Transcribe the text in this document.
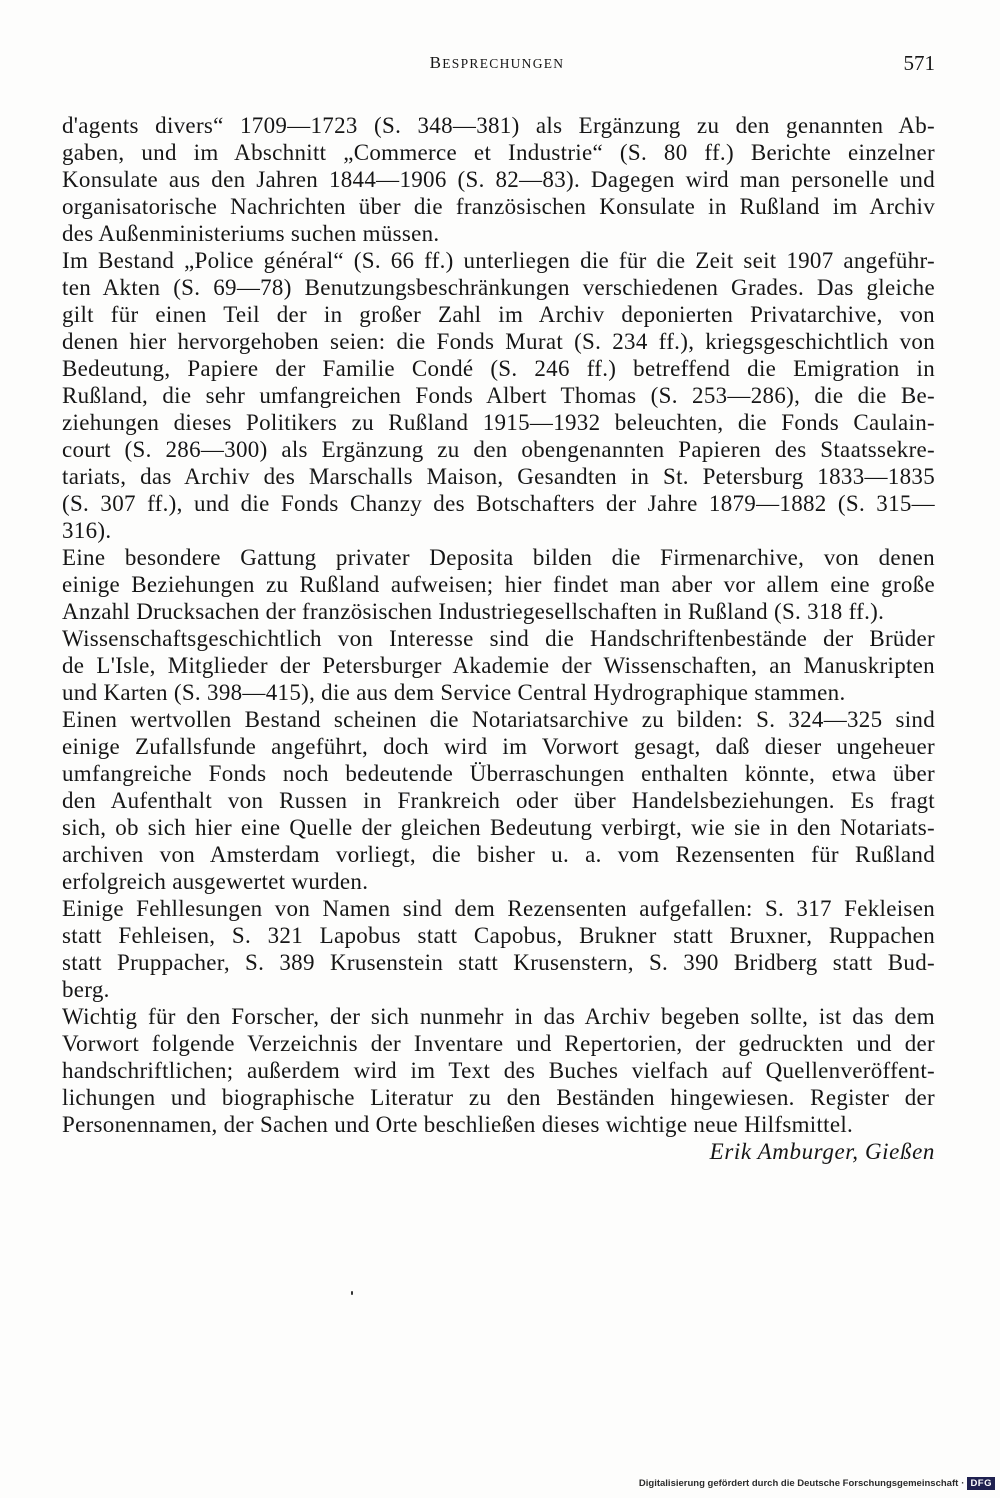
BESPRECHUNGEN	571
d'agents divers“ 1709—1723 (S. 348—381) als Ergänzung zu den genannten Ab-
gaben, und im Abschnitt „Commerce et Industrie“ (S. 80 ff.) Berichte einzelner
Konsulate aus den Jahren 1844—1906 (S. 82—83). Dagegen wird man personelle und
organisatorische Nachrichten über die französischen Konsulate in Rußland im Archiv
des Außenministeriums suchen müssen.
Im Bestand „Police général“ (S. 66 ff.) unterliegen die für die Zeit seit 1907 angeführ-
ten Akten (S. 69—78) Benutzungsbeschränkungen verschiedenen Grades. Das gleiche
gilt für einen Teil der in großer Zahl im Archiv deponierten Privatarchive, von
denen hier hervorgehoben seien: die Fonds Murat (S. 234 ff.), kriegsgeschichtlich von
Bedeutung, Papiere der Familie Condé (S. 246 ff.) betreffend die Emigration in
Rußland, die sehr umfangreichen Fonds Albert Thomas (S. 253—286), die die Be-
ziehungen dieses Politikers zu Rußland 1915—1932 beleuchten, die Fonds Caulain-
court (S. 286—300) als Ergänzung zu den obengenannten Papieren des Staatssekre-
tariats, das Archiv des Marschalls Maison, Gesandten in St. Petersburg 1833—1835
(S. 307 ff.), und die Fonds Chanzy des Botschafters der Jahre 1879—1882 (S. 315—
316).
Eine besondere Gattung privater Deposita bilden die Firmenarchive, von denen
einige Beziehungen zu Rußland aufweisen; hier findet man aber vor allem eine große
Anzahl Drucksachen der französischen Industriegesellschaften in Rußland (S. 318 ff.).
Wissenschaftsgeschichtlich von Interesse sind die Handschriftenbestände der Brüder
de L'Isle, Mitglieder der Petersburger Akademie der Wissenschaften, an Manuskripten
und Karten (S. 398—415), die aus dem Service Central Hydrographique stammen.
Einen wertvollen Bestand scheinen die Notariatsarchive zu bilden: S. 324—325 sind
einige Zufallsfunde angeführt, doch wird im Vorwort gesagt, daß dieser ungeheuer
umfangreiche Fonds noch bedeutende Überraschungen enthalten könnte, etwa über
den Aufenthalt von Russen in Frankreich oder über Handelsbeziehungen. Es fragt
sich, ob sich hier eine Quelle der gleichen Bedeutung verbirgt, wie sie in den Notariats-
archiven von Amsterdam vorliegt, die bisher u. a. vom Rezensenten für Rußland
erfolgreich ausgewertet wurden.
Einige Fehllesungen von Namen sind dem Rezensenten aufgefallen: S. 317 Fekleisen
statt Fehleisen, S. 321 Lapobus statt Capobus, Brukner statt Bruxner, Ruppachen
statt Pruppacher, S. 389 Krusenstein statt Krusenstern, S. 390 Bridberg statt Bud-
berg.
Wichtig für den Forscher, der sich nunmehr in das Archiv begeben sollte, ist das dem
Vorwort folgende Verzeichnis der Inventare und Repertorien, der gedruckten und der
handschriftlichen; außerdem wird im Text des Buches vielfach auf Quellenveröffent-
lichungen und biographische Literatur zu den Beständen hingewiesen. Register der
Personennamen, der Sachen und Orte beschließen dieses wichtige neue Hilfsmittel.
Erik Amburger, Gießen
Digitalisierung gefördert durch die Deutsche Forschungsgemeinschaft · DFG
